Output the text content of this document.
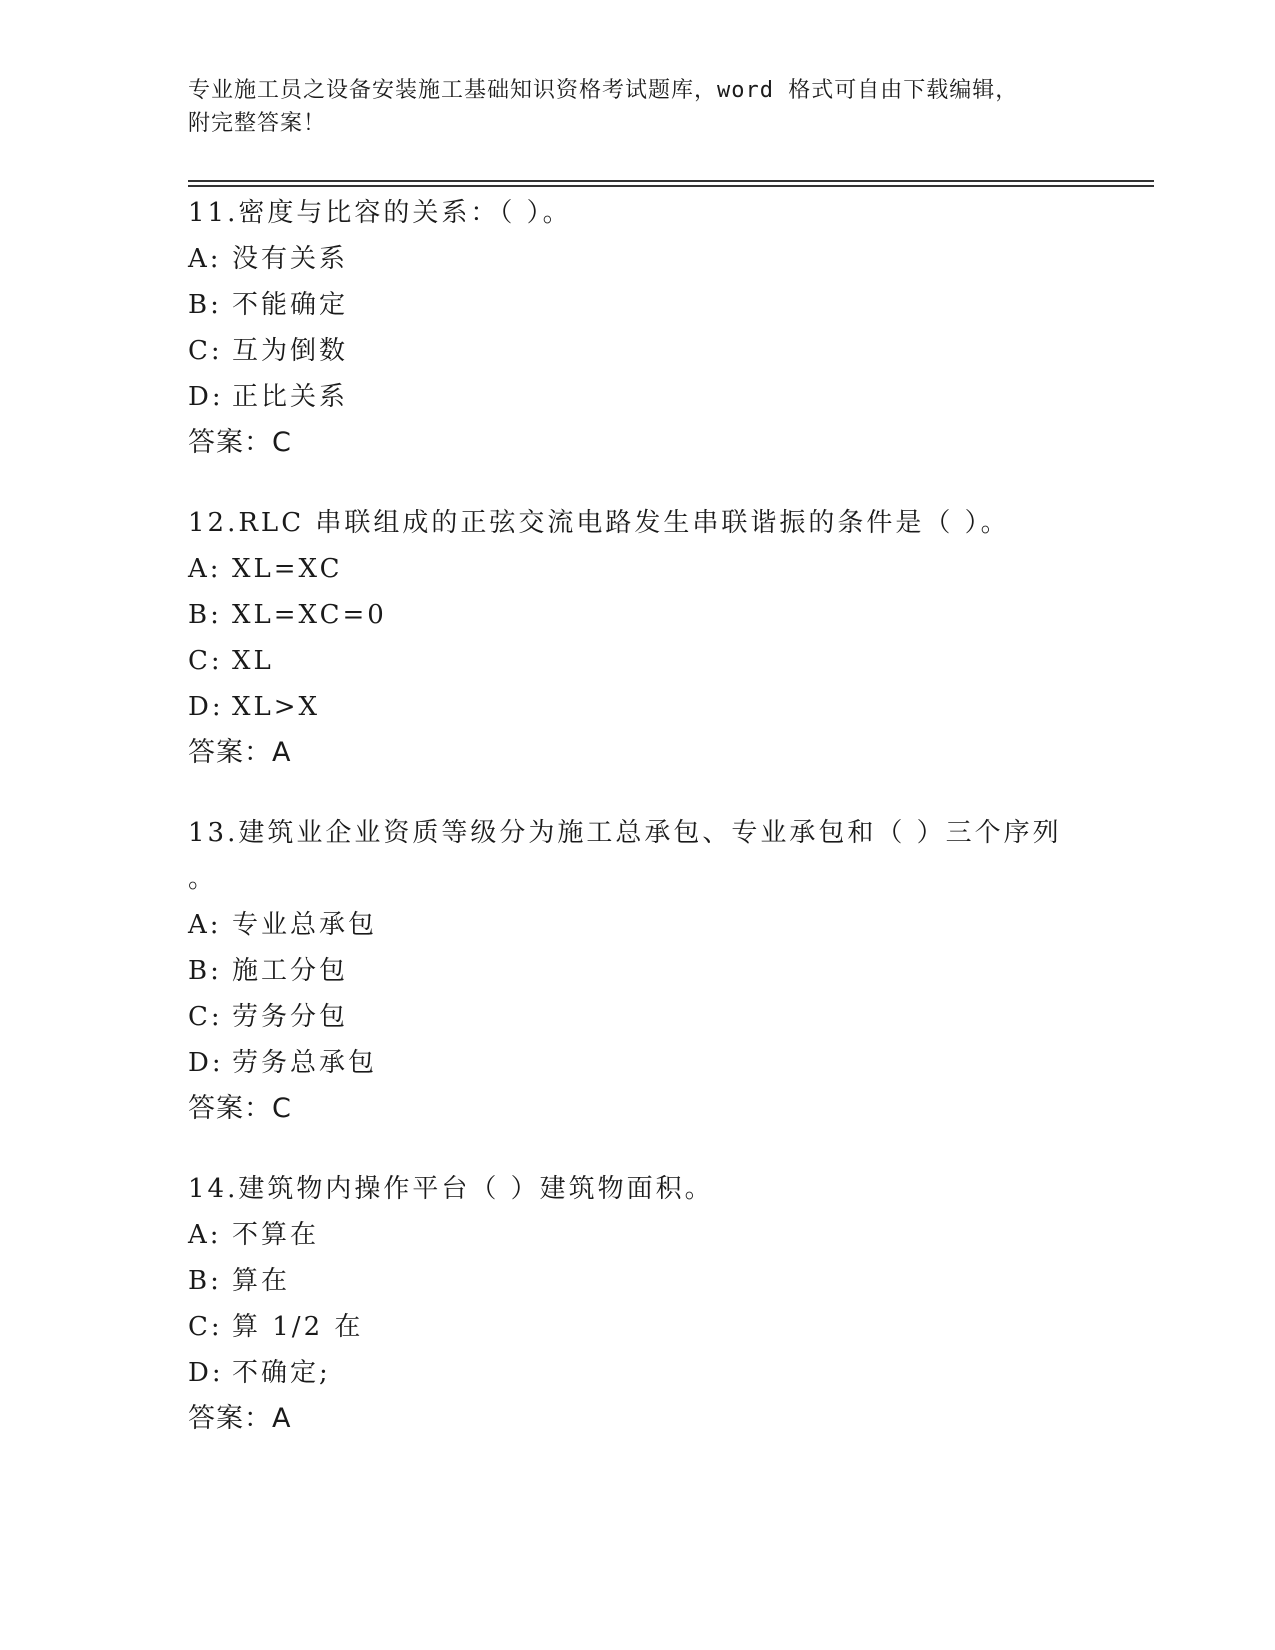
专业施工员之设备安装施工基础知识资格考试题库，word 格式可自由下载编辑，
附完整答案！
11.密度与比容的关系：（ ）。
A: 没有关系
B: 不能确定
C: 互为倒数
D: 正比关系
答案：C
12.RLC 串联组成的正弦交流电路发生串联谐振的条件是（ ）。
A: XL=XC
B: XL=XC=0
C: XL
D: XL>X
答案：A
13.建筑业企业资质等级分为施工总承包、专业承包和（ ）三个序列
。
A: 专业总承包
B: 施工分包
C: 劳务分包
D: 劳务总承包
答案：C
14.建筑物内操作平台（ ）建筑物面积。
A: 不算在
B: 算在
C: 算 1/2 在
D: 不确定;
答案：A
